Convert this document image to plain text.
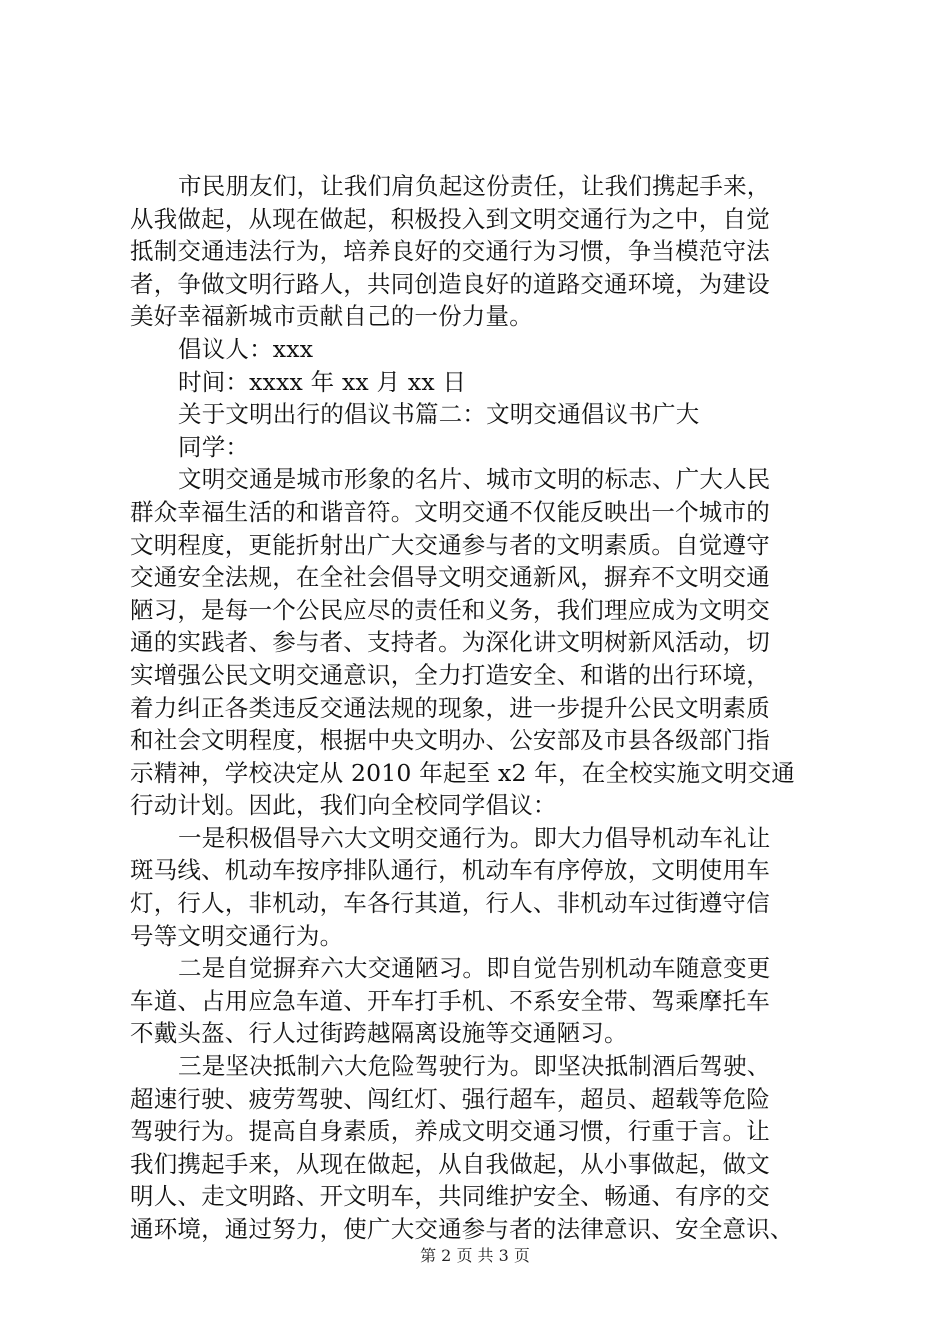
市民朋友们，让我们肩负起这份责任，让我们携起手来，
从我做起，从现在做起，积极投入到文明交通行为之中，自觉
抵制交通违法行为，培养良好的交通行为习惯，争当模范守法
者，争做文明行路人，共同创造良好的道路交通环境，为建设
美好幸福新城市贡献自己的一份力量。
倡议人：xxx
时间：xxxx 年 xx 月 xx 日
关于文明出行的倡议书篇二：文明交通倡议书广大
同学：
文明交通是城市形象的名片、城市文明的标志、广大人民
群众幸福生活的和谐音符。文明交通不仅能反映出一个城市的
文明程度，更能折射出广大交通参与者的文明素质。自觉遵守
交通安全法规，在全社会倡导文明交通新风，摒弃不文明交通
陋习，是每一个公民应尽的责任和义务，我们理应成为文明交
通的实践者、参与者、支持者。为深化讲文明树新风活动，切
实增强公民文明交通意识，全力打造安全、和谐的出行环境，
着力纠正各类违反交通法规的现象，进一步提升公民文明素质
和社会文明程度，根据中央文明办、公安部及市县各级部门指
示精神，学校决定从 2010 年起至 x2 年，在全校实施文明交通
行动计划。因此，我们向全校同学倡议：
一是积极倡导六大文明交通行为。即大力倡导机动车礼让
斑马线、机动车按序排队通行，机动车有序停放，文明使用车
灯，行人，非机动，车各行其道，行人、非机动车过街遵守信
号等文明交通行为。
二是自觉摒弃六大交通陋习。即自觉告别机动车随意变更
车道、占用应急车道、开车打手机、不系安全带、驾乘摩托车
不戴头盔、行人过街跨越隔离设施等交通陋习。
三是坚决抵制六大危险驾驶行为。即坚决抵制酒后驾驶、
超速行驶、疲劳驾驶、闯红灯、强行超车，超员、超载等危险
驾驶行为。提高自身素质，养成文明交通习惯，行重于言。让
我们携起手来，从现在做起，从自我做起，从小事做起，做文
明人、走文明路、开文明车，共同维护安全、畅通、有序的交
通环境，通过努力，使广大交通参与者的法律意识、安全意识、
第 2 页 共 3 页
